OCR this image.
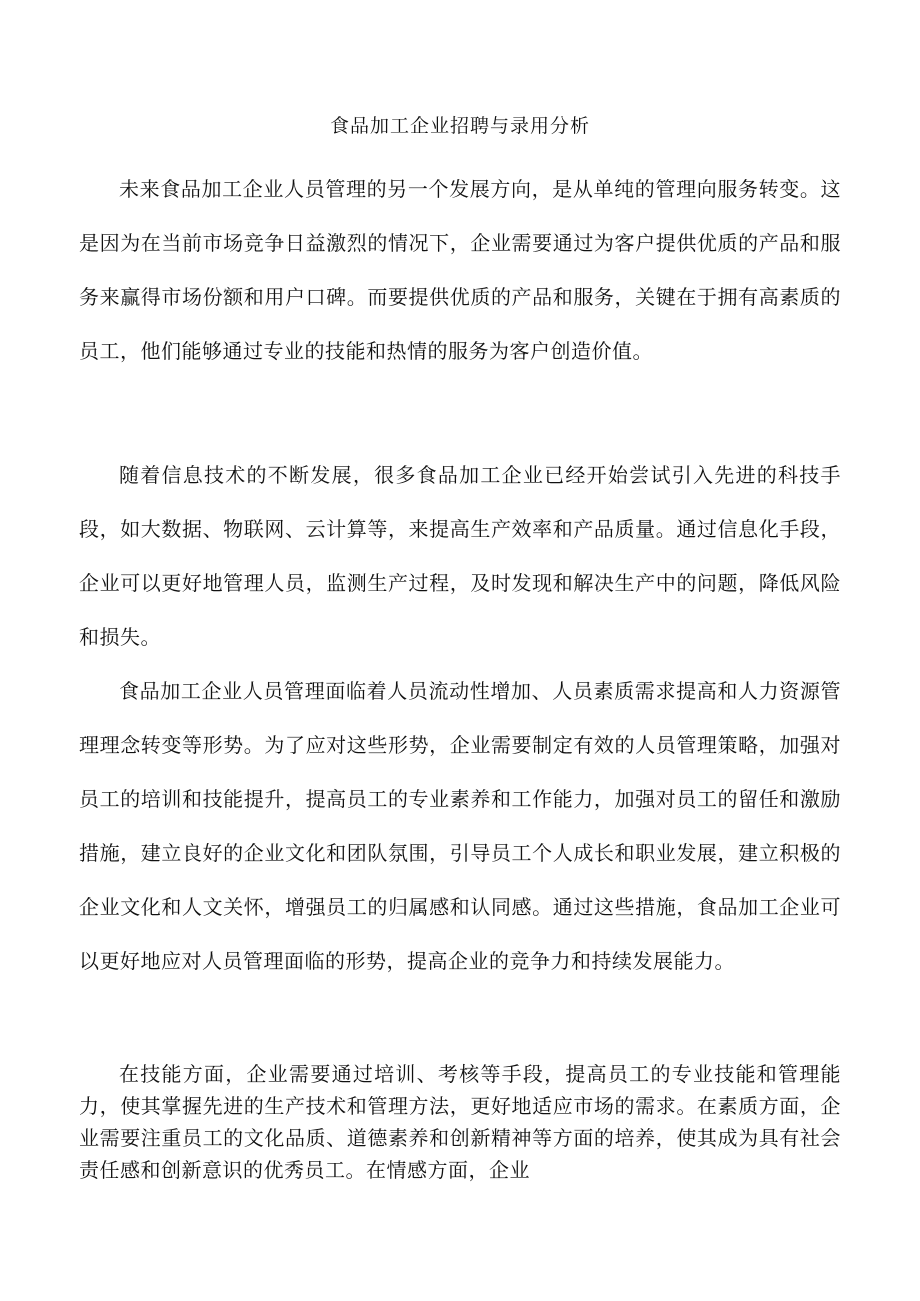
食品加工企业招聘与录用分析

未来食品加工企业人员管理的另一个发展方向，是从单纯的管理向服务转变。这是因为在当前市场竞争日益激烈的情况下，企业需要通过为客户提供优质的产品和服务来赢得市场份额和用户口碑。而要提供优质的产品和服务，关键在于拥有高素质的员工，他们能够通过专业的技能和热情的服务为客户创造价值。

随着信息技术的不断发展，很多食品加工企业已经开始尝试引入先进的科技手段，如大数据、物联网、云计算等，来提高生产效率和产品质量。通过信息化手段，企业可以更好地管理人员，监测生产过程，及时发现和解决生产中的问题，降低风险和损失。

食品加工企业人员管理面临着人员流动性增加、人员素质需求提高和人力资源管理理念转变等形势。为了应对这些形势，企业需要制定有效的人员管理策略，加强对员工的培训和技能提升，提高员工的专业素养和工作能力，加强对员工的留任和激励措施，建立良好的企业文化和团队氛围，引导员工个人成长和职业发展，建立积极的企业文化和人文关怀，增强员工的归属感和认同感。通过这些措施，食品加工企业可以更好地应对人员管理面临的形势，提高企业的竞争力和持续发展能力。

在技能方面，企业需要通过培训、考核等手段，提高员工的专业技能和管理能力，使其掌握先进的生产技术和管理方法，更好地适应市场的需求。在素质方面，企业需要注重员工的文化品质、道德素养和创新精神等方面的培养，使其成为具有社会责任感和创新意识的优秀员工。在情感方面，企业
